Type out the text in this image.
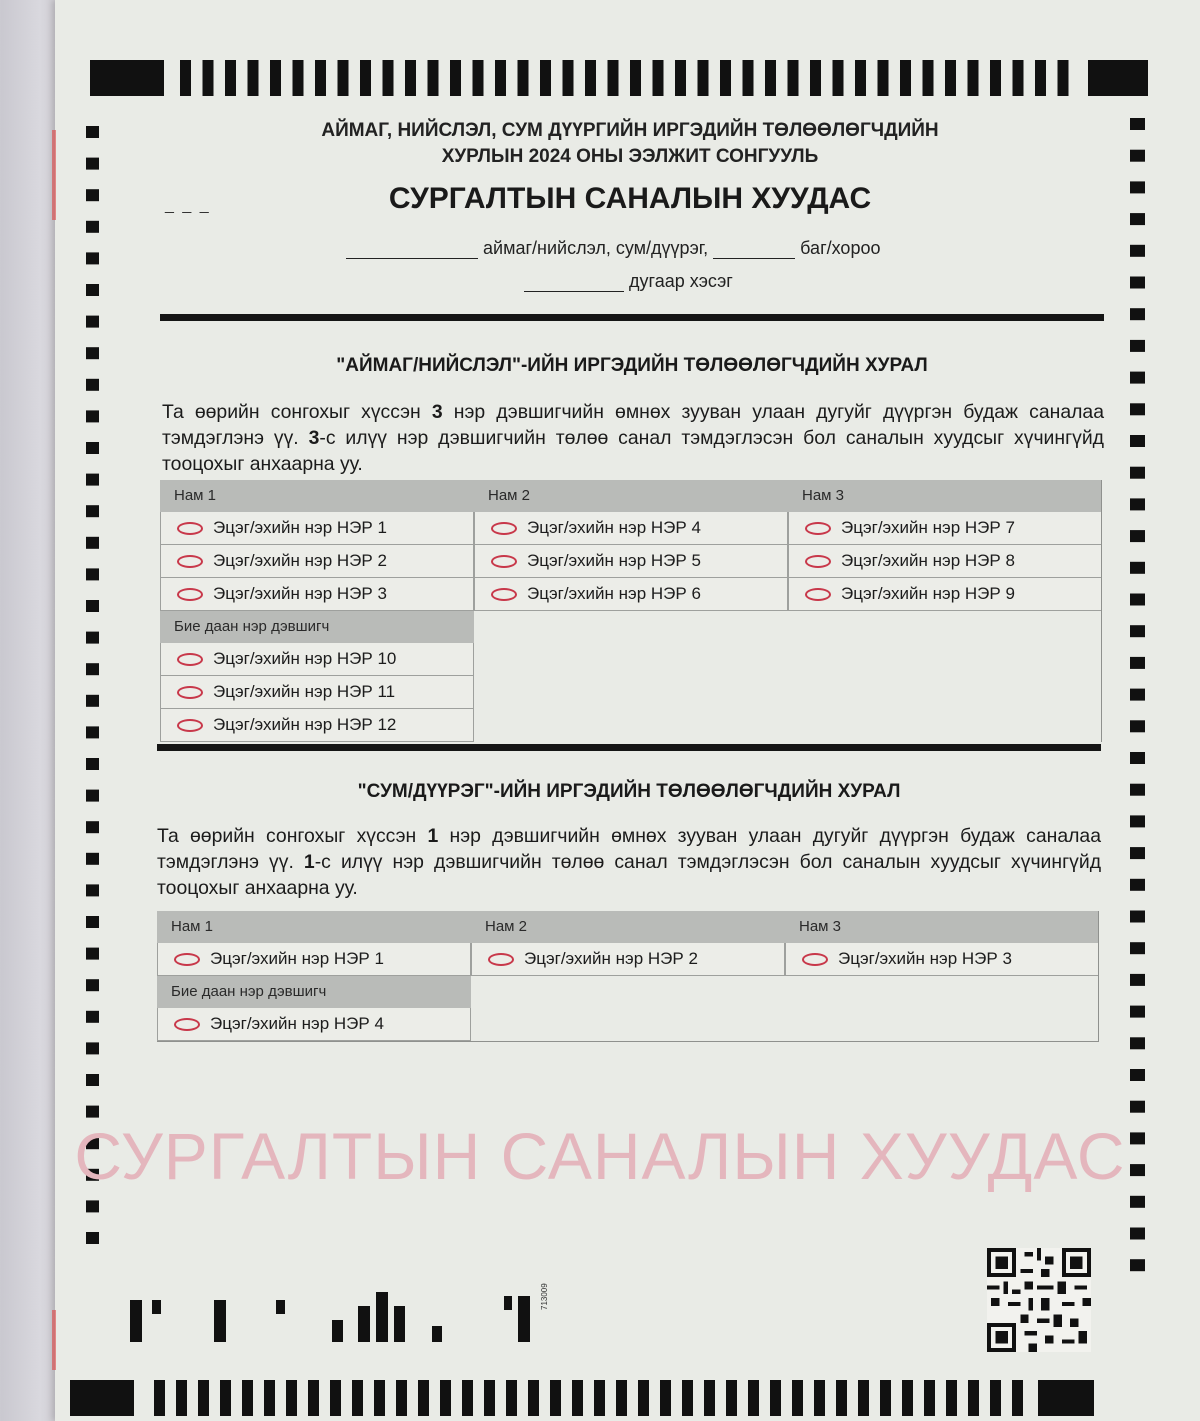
713009
АЙМАГ, НИЙСЛЭЛ, СУМ ДҮҮРГИЙН ИРГЭДИЙН ТӨЛӨӨЛӨГЧДИЙН
ХУРЛЫН 2024 ОНЫ ЭЭЛЖИТ СОНГУУЛЬ
_ _ _	СУРГАЛТЫН САНАЛЫН ХУУДАС
аймаг/нийслэл, сум/дүүрэг,	баг/хороо
дугаар хэсэг
"АЙМАГ/НИЙСЛЭЛ"-ИЙН ИРГЭДИЙН ТӨЛӨӨЛӨГЧДИЙН ХУРАЛ
Та өөрийн сонгохыг хүссэн 3 нэр дэвшигчийн өмнөх зууван улаан дугуйг дүүргэн будаж саналаа тэмдэглэнэ үү. 3-с илүү нэр дэвшигчийн төлөө санал тэмдэглэсэн бол саналын хуудсыг хүчингүйд тооцохыг анхаарна уу.
Нам 1
Эцэг/эхийн нэр НЭР 1
Эцэг/эхийн нэр НЭР 2
Эцэг/эхийн нэр НЭР 3
Нам 2
Эцэг/эхийн нэр НЭР 4
Эцэг/эхийн нэр НЭР 5
Эцэг/эхийн нэр НЭР 6
Нам 3
Эцэг/эхийн нэр НЭР 7
Эцэг/эхийн нэр НЭР 8
Эцэг/эхийн нэр НЭР 9
Бие даан нэр дэвшигч
Эцэг/эхийн нэр НЭР 10
Эцэг/эхийн нэр НЭР 11
Эцэг/эхийн нэр НЭР 12
"СУМ/ДҮҮРЭГ"-ИЙН ИРГЭДИЙН ТӨЛӨӨЛӨГЧДИЙН ХУРАЛ
Та өөрийн сонгохыг хүссэн 1 нэр дэвшигчийн өмнөх зууван улаан дугуйг дүүргэн будаж саналаа тэмдэглэнэ үү. 1-с илүү нэр дэвшигчийн төлөө санал тэмдэглэсэн бол саналын хуудсыг хүчингүйд тооцохыг анхаарна уу.
Нам 1
Эцэг/эхийн нэр НЭР 1
Нам 2
Эцэг/эхийн нэр НЭР 2
Нам 3
Эцэг/эхийн нэр НЭР 3
Бие даан нэр дэвшигч
Эцэг/эхийн нэр НЭР 4
СУРГАЛТЫН САНАЛЫН ХУУДАС
